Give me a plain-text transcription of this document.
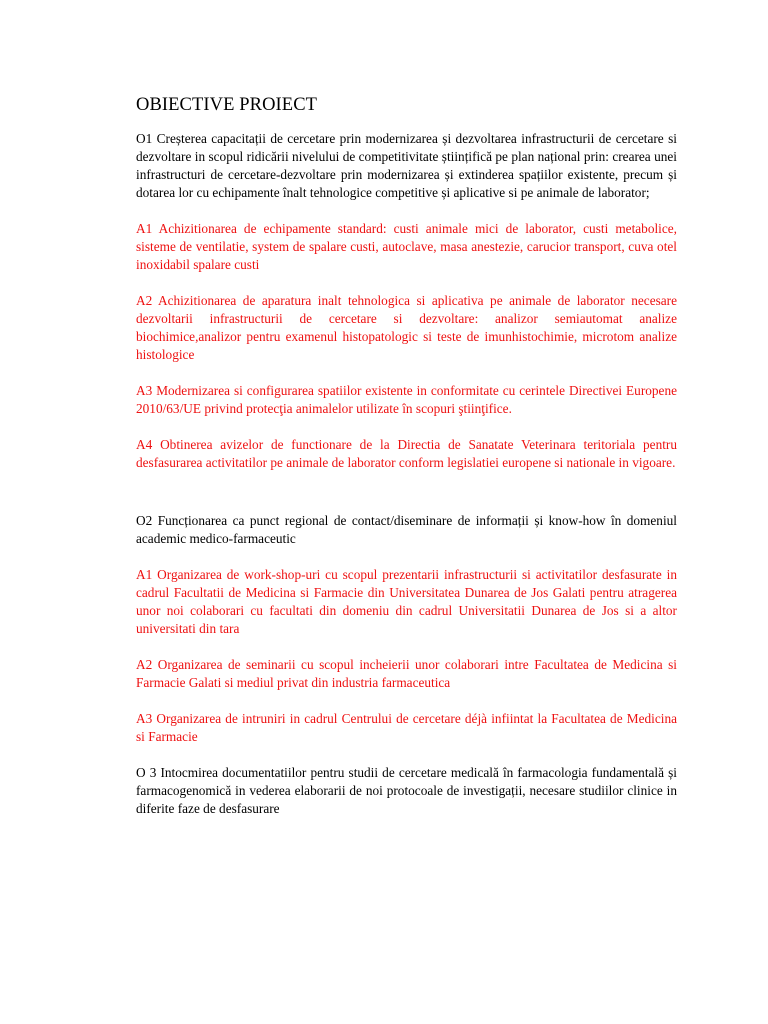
OBIECTIVE PROIECT

O1 Creșterea capacitații de cercetare prin modernizarea și dezvoltarea infrastructurii de cercetare si dezvoltare in scopul ridicării nivelului de competitivitate științifică pe plan național prin: crearea unei infrastructuri de cercetare-dezvoltare prin modernizarea și extinderea spațiilor existente, precum și dotarea lor cu echipamente înalt tehnologice competitive și aplicative si pe animale de laborator;

A1 Achizitionarea de echipamente standard: custi animale mici de laborator, custi metabolice, sisteme de ventilatie, system de spalare custi, autoclave, masa anestezie, carucior transport, cuva otel inoxidabil spalare custi

A2 Achizitionarea de aparatura inalt tehnologica si aplicativa pe animale de laborator necesare dezvoltarii infrastructurii de cercetare si dezvoltare: analizor semiautomat analize biochimice,analizor pentru examenul histopatologic si teste de imunhistochimie, microtom analize histologice

A3 Modernizarea si configurarea spatiilor existente in conformitate cu cerintele Directivei Europene 2010/63/UE privind protecţia animalelor utilizate în scopuri ştiinţifice.

A4 Obtinerea avizelor de functionare de la Directia de Sanatate Veterinara teritoriala pentru desfasurarea activitatilor pe animale de laborator conform legislatiei europene si nationale in vigoare.

O2 Funcționarea ca punct regional de contact/diseminare de informații și know-how în domeniul academic medico-farmaceutic

A1 Organizarea de work-shop-uri cu scopul prezentarii infrastructurii si activitatilor desfasurate in cadrul Facultatii de Medicina si Farmacie din Universitatea Dunarea de Jos Galati pentru atragerea unor noi colaborari cu facultati din domeniu din cadrul Universitatii Dunarea de Jos si a altor universitati din tara

A2 Organizarea de seminarii cu scopul incheierii unor colaborari intre Facultatea de Medicina si Farmacie Galati si mediul privat din industria farmaceutica

A3 Organizarea de intruniri in cadrul Centrului de cercetare déjà infiintat la Facultatea de Medicina si Farmacie

O 3 Intocmirea documentatiilor pentru studii de cercetare medicală în farmacologia fundamentală și farmacogenomică in vederea elaborarii de noi protocoale de investigații, necesare studiilor clinice in diferite faze de desfasurare
